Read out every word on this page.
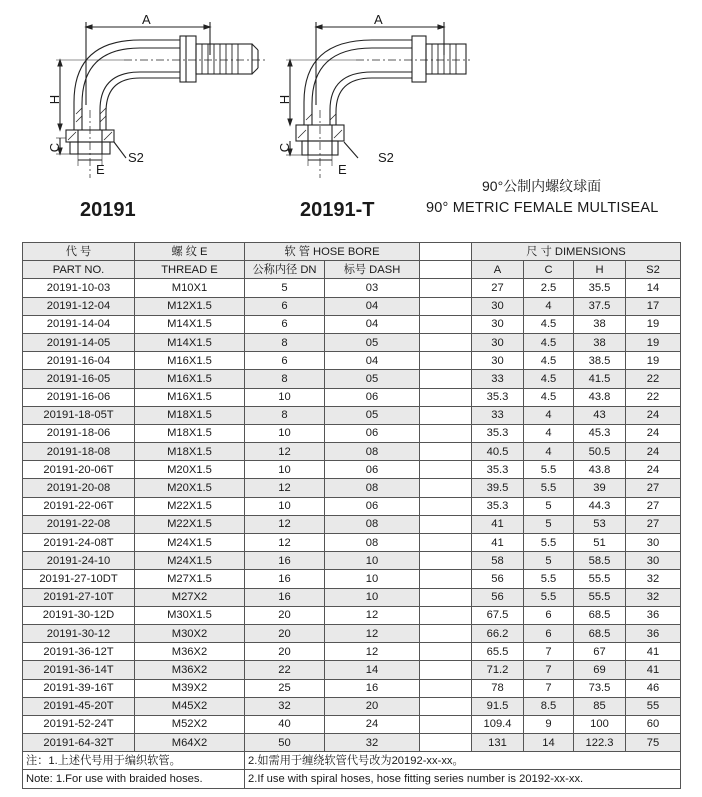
A
H
C
E
S2
20191
A
H
C
E
S2
20191-T
90°公制内螺纹球面
90° METRIC FEMALE MULTISEAL
代 号	螺 纹 E	软 管 HOSE BORE			尺 寸 DIMENSIONS			
PART NO.	THREAD E	公称内径 DN	标号 DASH		A	C	H	S2
20191-10-03	M10X1	5	03		27	2.5	35.5	14
20191-12-04	M12X1.5	6	04		30	4	37.5	17
20191-14-04	M14X1.5	6	04		30	4.5	38	19
20191-14-05	M14X1.5	8	05		30	4.5	38	19
20191-16-04	M16X1.5	6	04		30	4.5	38.5	19
20191-16-05	M16X1.5	8	05		33	4.5	41.5	22
20191-16-06	M16X1.5	10	06		35.3	4.5	43.8	22
20191-18-05T	M18X1.5	8	05		33	4	43	24
20191-18-06	M18X1.5	10	06		35.3	4	45.3	24
20191-18-08	M18X1.5	12	08		40.5	4	50.5	24
20191-20-06T	M20X1.5	10	06		35.3	5.5	43.8	24
20191-20-08	M20X1.5	12	08		39.5	5.5	39	27
20191-22-06T	M22X1.5	10	06		35.3	5	44.3	27
20191-22-08	M22X1.5	12	08		41	5	53	27
20191-24-08T	M24X1.5	12	08		41	5.5	51	30
20191-24-10	M24X1.5	16	10		58	5	58.5	30
20191-27-10DT	M27X1.5	16	10		56	5.5	55.5	32
20191-27-10T	M27X2	16	10		56	5.5	55.5	32
20191-30-12D	M30X1.5	20	12		67.5	6	68.5	36
20191-30-12	M30X2	20	12		66.2	6	68.5	36
20191-36-12T	M36X2	20	12		65.5	7	67	41
20191-36-14T	M36X2	22	14		71.2	7	69	41
20191-39-16T	M39X2	25	16		78	7	73.5	46
20191-45-20T	M45X2	32	20		91.5	8.5	85	55
20191-52-24T	M52X2	40	24		109.4	9	100	60
20191-64-32T	M64X2	50	32		131	14	122.3	75
注：1.上述代号用于编织软管。		2.如需用于缠绕软管代号改为20192-xx-xx。						
Note: 1.For use with braided hoses.		2.If use with spiral hoses, hose fitting series number is 20192-xx-xx.						
